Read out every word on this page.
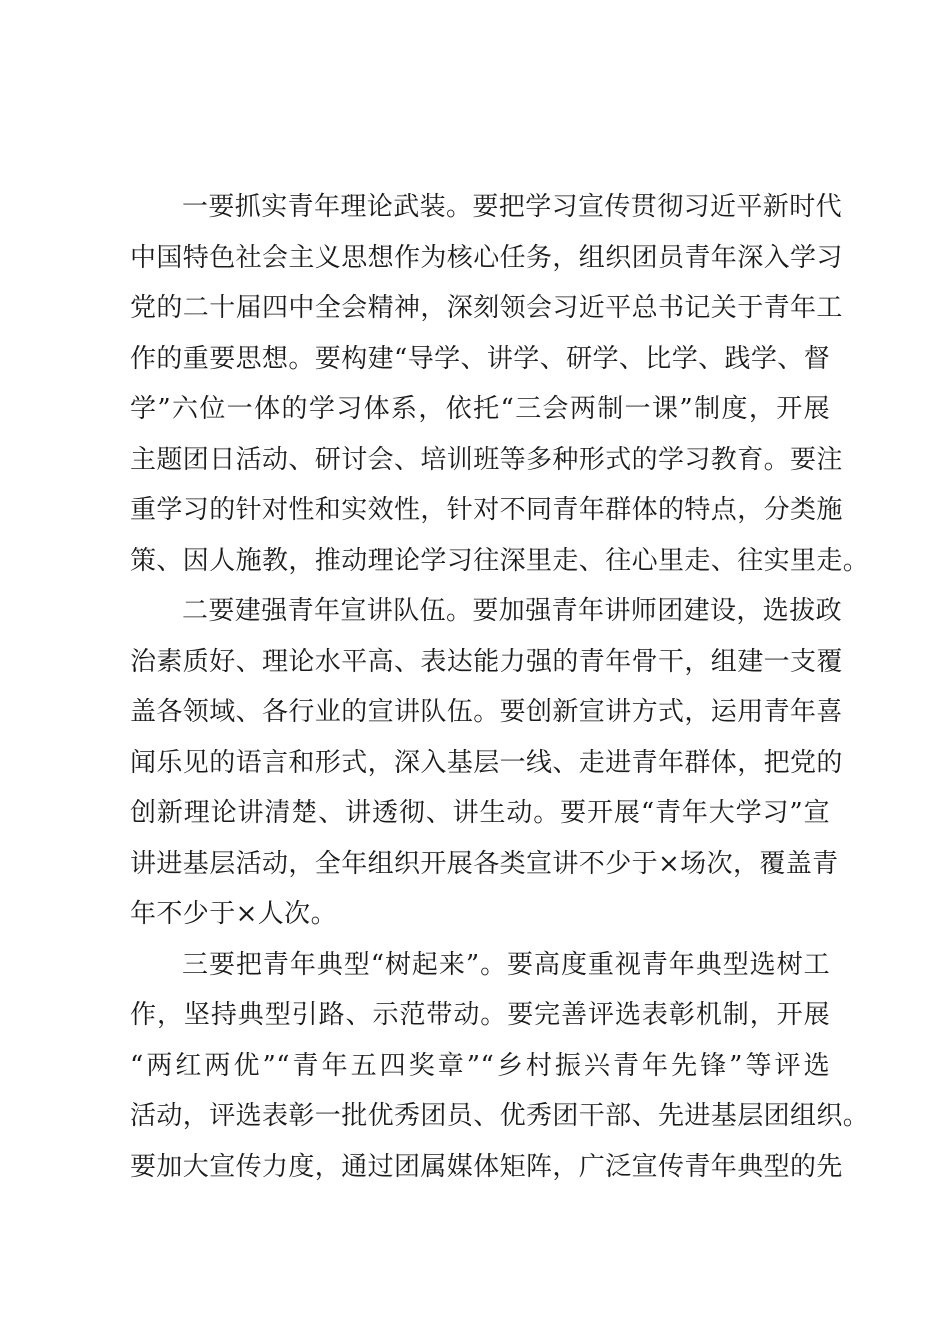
一要抓实青年理论武装。要把学习宣传贯彻习近平新时代
中国特色社会主义思想作为核心任务，组织团员青年深入学习
党的二十届四中全会精神，深刻领会习近平总书记关于青年工
作的重要思想。要构建“导学、讲学、研学、比学、践学、督
学”六位一体的学习体系，依托“三会两制一课”制度，开展
主题团日活动、研讨会、培训班等多种形式的学习教育。要注
重学习的针对性和实效性，针对不同青年群体的特点，分类施
策、因人施教，推动理论学习往深里走、往心里走、往实里走。
二要建强青年宣讲队伍。要加强青年讲师团建设，选拔政
治素质好、理论水平高、表达能力强的青年骨干，组建一支覆
盖各领域、各行业的宣讲队伍。要创新宣讲方式，运用青年喜
闻乐见的语言和形式，深入基层一线、走进青年群体，把党的
创新理论讲清楚、讲透彻、讲生动。要开展“青年大学习”宣
讲进基层活动，全年组织开展各类宣讲不少于×场次，覆盖青
年不少于×人次。
三要把青年典型“树起来”。要高度重视青年典型选树工
作，坚持典型引路、示范带动。要完善评选表彰机制，开展
“两红两优”“青年五四奖章”“乡村振兴青年先锋”等评选
活动，评选表彰一批优秀团员、优秀团干部、先进基层团组织。
要加大宣传力度，通过团属媒体矩阵，广泛宣传青年典型的先
